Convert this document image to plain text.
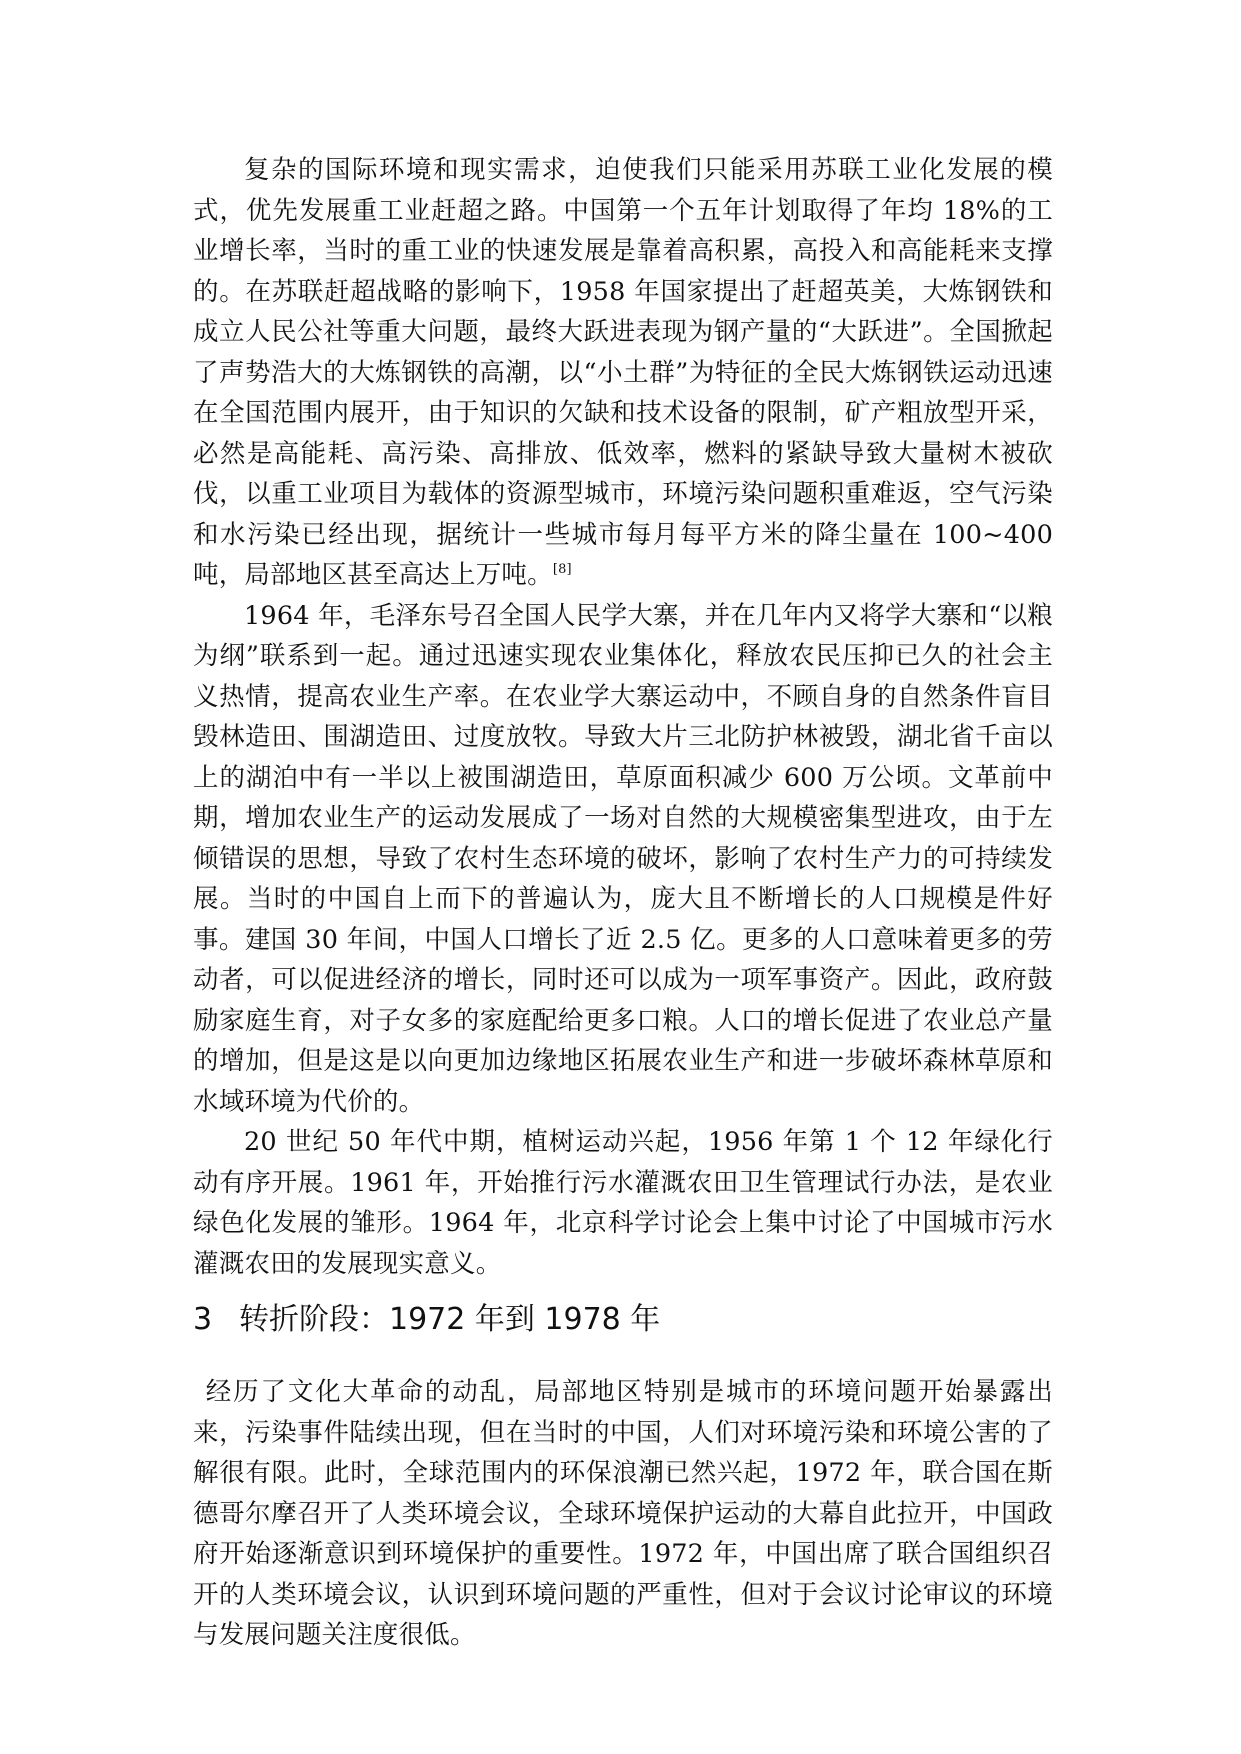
复杂的国际环境和现实需求，迫使我们只能采用苏联工业化发展的模式，优先发展重工业赶超之路。中国第一个五年计划取得了年均 18%的工业增长率，当时的重工业的快速发展是靠着高积累，高投入和高能耗来支撑的。在苏联赶超战略的影响下，1958 年国家提出了赶超英美，大炼钢铁和成立人民公社等重大问题，最终大跃进表现为钢产量的“大跃进”。全国掀起了声势浩大的大炼钢铁的高潮，以“小土群”为特征的全民大炼钢铁运动迅速在全国范围内展开，由于知识的欠缺和技术设备的限制，矿产粗放型开采，必然是高能耗、高污染、高排放、低效率，燃料的紧缺导致大量树木被砍伐，以重工业项目为载体的资源型城市，环境污染问题积重难返，空气污染和水污染已经出现，据统计一些城市每月每平方米的降尘量在 100~400 吨，局部地区甚至高达上万吨。[8]

1964 年，毛泽东号召全国人民学大寨，并在几年内又将学大寨和“以粮为纲”联系到一起。通过迅速实现农业集体化，释放农民压抑已久的社会主义热情，提高农业生产率。在农业学大寨运动中，不顾自身的自然条件盲目毁林造田、围湖造田、过度放牧。导致大片三北防护林被毁，湖北省千亩以上的湖泊中有一半以上被围湖造田，草原面积减少 600 万公顷。文革前中期，增加农业生产的运动发展成了一场对自然的大规模密集型进攻，由于左倾错误的思想，导致了农村生态环境的破坏，影响了农村生产力的可持续发展。当时的中国自上而下的普遍认为，庞大且不断增长的人口规模是件好事。建国 30 年间，中国人口增长了近 2.5 亿。更多的人口意味着更多的劳动者，可以促进经济的增长，同时还可以成为一项军事资产。因此，政府鼓励家庭生育，对子女多的家庭配给更多口粮。人口的增长促进了农业总产量的增加，但是这是以向更加边缘地区拓展农业生产和进一步破坏森林草原和水域环境为代价的。

20 世纪 50 年代中期，植树运动兴起，1956 年第 1 个 12 年绿化行动有序开展。1961 年，开始推行污水灌溉农田卫生管理试行办法，是农业绿色化发展的雏形。1964 年，北京科学讨论会上集中讨论了中国城市污水灌溉农田的发展现实意义。

3 转折阶段：1972 年到 1978 年

经历了文化大革命的动乱，局部地区特别是城市的环境问题开始暴露出来，污染事件陆续出现，但在当时的中国，人们对环境污染和环境公害的了解很有限。此时，全球范围内的环保浪潮已然兴起，1972 年，联合国在斯德哥尔摩召开了人类环境会议，全球环境保护运动的大幕自此拉开，中国政府开始逐渐意识到环境保护的重要性。1972 年，中国出席了联合国组织召开的人类环境会议，认识到环境问题的严重性，但对于会议讨论审议的环境与发展问题关注度很低。
